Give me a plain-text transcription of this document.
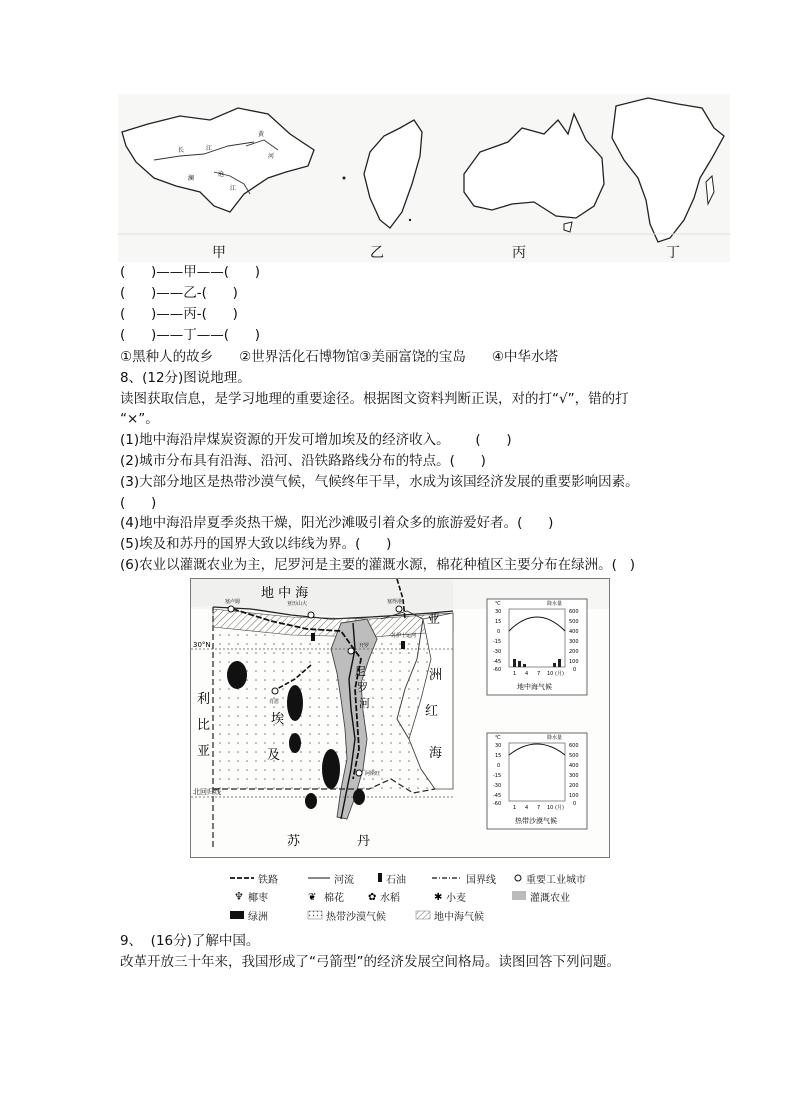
长	江
黄
河
澜
沧
江
甲	乙	丙	丁
(      )——甲——(      )
(      )——乙-(      )
(      )——丙-(      )
(      )——丁——(      )
①黑种人的故乡 ②世界活化石博物馆③美丽富饶的宝岛 ④中华水塔
8、(12分)图说地理。
读图获取信息，是学习地理的重要途径。根据图文资料判断正误，对的打“√”，错的打
“×”。
(1)地中海沿岸煤炭资源的开发可增加埃及的经济收入。      (      )
(2)城市分布具有沿海、沿河、沿铁路路线分布的特点。(      )
(3)大部分地区是热带沙漠气候，气候终年干旱，水成为该国经济发展的重要影响因素。
(      )
(4)地中海沿岸夏季炎热干燥，阳光沙滩吸引着众多的旅游爱好者。(      )
(5)埃及和苏丹的国界大致以纬线为界。(      )
(6)农业以灌溉农业为主，尼罗河是主要的灌溉水源，棉花种植区主要分布在绿洲。(   )
地 中 海
亚
洲
红
海
利
比
亚
埃
及
尼
罗
河
苏	丹
30°N
北回归线
亚历山大	塞得港
苏伊士运河
开罗
阿斯旺
塞卢姆
肖恩
30
15
0
-15
-30
-45
-60
600
500
400
300
200
100
0
℃	降水量
1 4 7 10 (月)
地中海气候
30
15
0
-15
-30
-45
-60
600
500
400
300
200
100
0
℃	降水量
1 4 7 10 (月)
热带沙漠气候
♆	❦	✿	✱
铁路	河流	石油	国界线	重要工业城市
椰枣	棉花	水稻	小麦	灌溉农业
绿洲	热带沙漠气候	地中海气候
9、  (16分)了解中国。
改革开放三十年来，我国形成了“弓箭型”的经济发展空间格局。读图回答下列问题。
